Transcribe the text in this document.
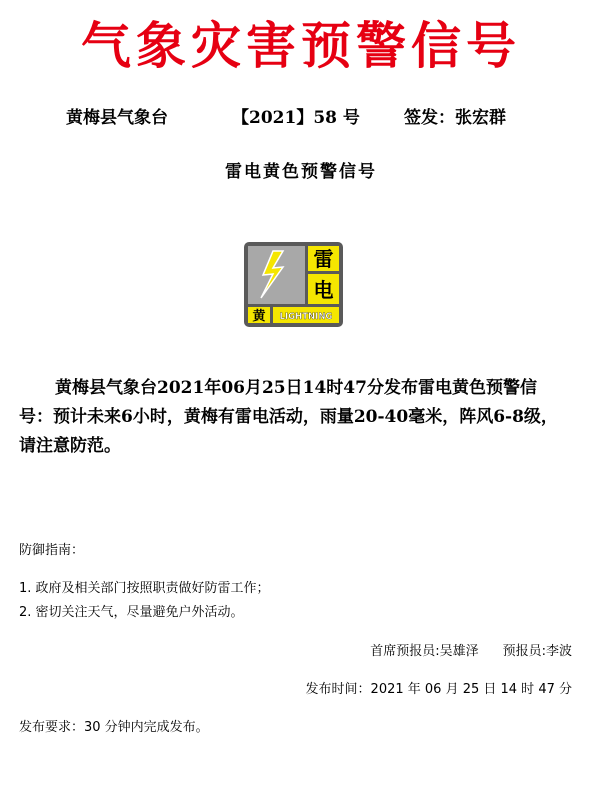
气象灾害预警信号
黄梅县气象台	【2021】58 号	签发：张宏群
雷电黄色预警信号
雷
电
黄 LIGHTNING
黄梅县气象台2021年06月25日14时47分发布雷电黄色预警信号：预计未来6小时，黄梅有雷电活动，雨量20-40毫米，阵风6-8级，请注意防范。
防御指南：
1. 政府及相关部门按照职责做好防雷工作；
2. 密切关注天气，尽量避免户外活动。
首席预报员:吴雄泽 预报员:李波
发布时间：2021 年 06 月 25 日 14 时 47 分
发布要求：30 分钟内完成发布。
